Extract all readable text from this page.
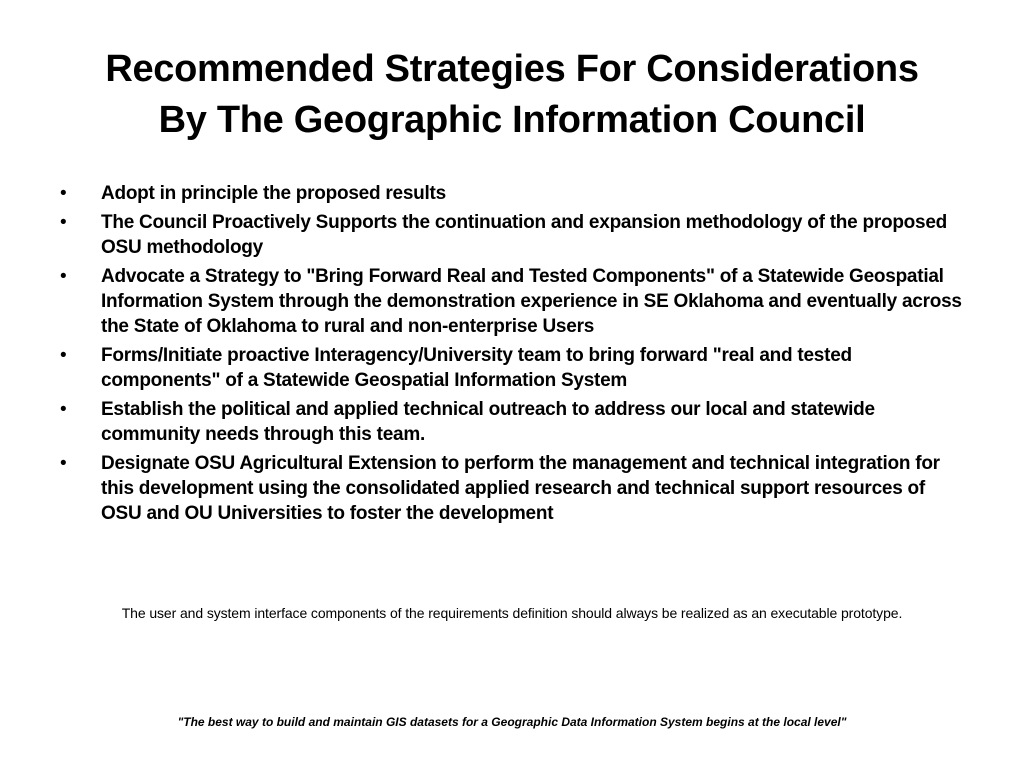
Recommended Strategies For Considerations
By The Geographic Information Council
•	Adopt in principle the proposed results
•	The Council Proactively Supports the continuation and expansion methodology of the proposed OSU methodology
•	Advocate a Strategy to "Bring Forward Real and Tested Components" of a Statewide Geospatial Information System through the demonstration experience in SE Oklahoma and eventually across the State of Oklahoma to rural and non-enterprise Users
•	Forms/Initiate proactive Interagency/University team to bring forward "real and tested components" of a Statewide Geospatial Information System
•	Establish the political and applied technical outreach to address our local and statewide community needs through this team.
•	Designate OSU Agricultural Extension to perform the management and technical integration for this development using the consolidated applied research and technical support resources of OSU and OU Universities to foster the development

The user and system interface components of the requirements definition should always be realized as an executable prototype.

"The best way to build and maintain GIS datasets for a Geographic Data Information System begins at the local level"
